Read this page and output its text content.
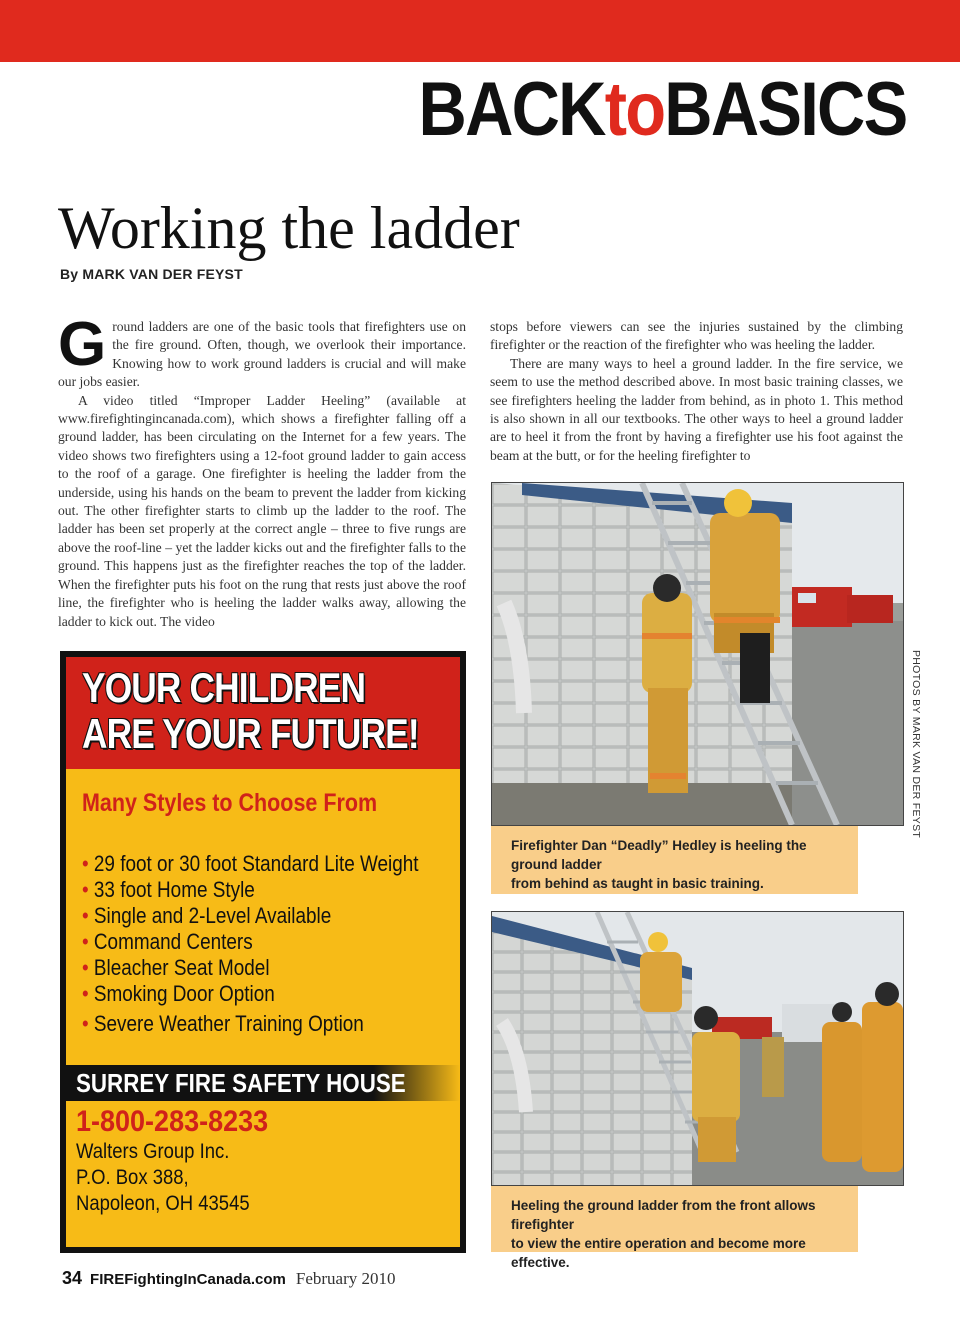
BACKtoBASICS
Working the ladder
By MARK VAN DER FEYST

Ground ladders are one of the basic tools that firefighters use on the fire ground. Often, though, we overlook their importance. Knowing how to work ground ladders is crucial and will make our jobs easier.

A video titled “Improper Ladder Heeling” (available at www.firefightingincanada.com), which shows a firefighter falling off a ground ladder, has been circulating on the Internet for a few years. The video shows two firefighters using a 12-foot ground ladder to gain access to the roof of a garage. One firefighter is heeling the ladder from the underside, using his hands on the beam to prevent the ladder from kicking out. The other firefighter starts to climb up the ladder to the roof. The ladder has been set properly at the correct angle – three to five rungs are above the roof-line – yet the ladder kicks out and the firefighter falls to the ground. This happens just as the firefighter reaches the top of the ladder. When the firefighter puts his foot on the rung that rests just above the roof line, the firefighter who is heeling the ladder walks away, allowing the ladder to kick out. The video

stops before viewers can see the injuries sustained by the climbing firefighter or the reaction of the firefighter who was heeling the ladder.

There are many ways to heel a ground ladder. In the fire service, we seem to use the method described above. In most basic training classes, we see firefighters heeling the ladder from behind, as in photo 1. This method is also shown in all our textbooks. The other ways to heel a ground ladder are to heel it from the front by having a firefighter use his foot against the beam at the butt, or for the heeling firefighter to

YOUR CHILDREN
ARE YOUR FUTURE!
Many Styles to Choose From
• 29 foot or 30 foot Standard Lite Weight
• 33 foot Home Style
• Single and 2-Level Available
• Command Centers
• Bleacher Seat Model
• Smoking Door Option
• Severe Weather Training Option
SURREY FIRE SAFETY HOUSE
1-800-283-8233
Walters Group Inc.
P.O. Box 388,
Napoleon, OH 43545
Firefighter Dan “Deadly” Hedley is heeling the ground ladder
from behind as taught in basic training.
PHOTOS BY MARK VAN DER FEYST
Heeling the ground ladder from the front allows firefighter
to view the entire operation and become more effective.
34 FIREFightingInCanada.com February 2010
